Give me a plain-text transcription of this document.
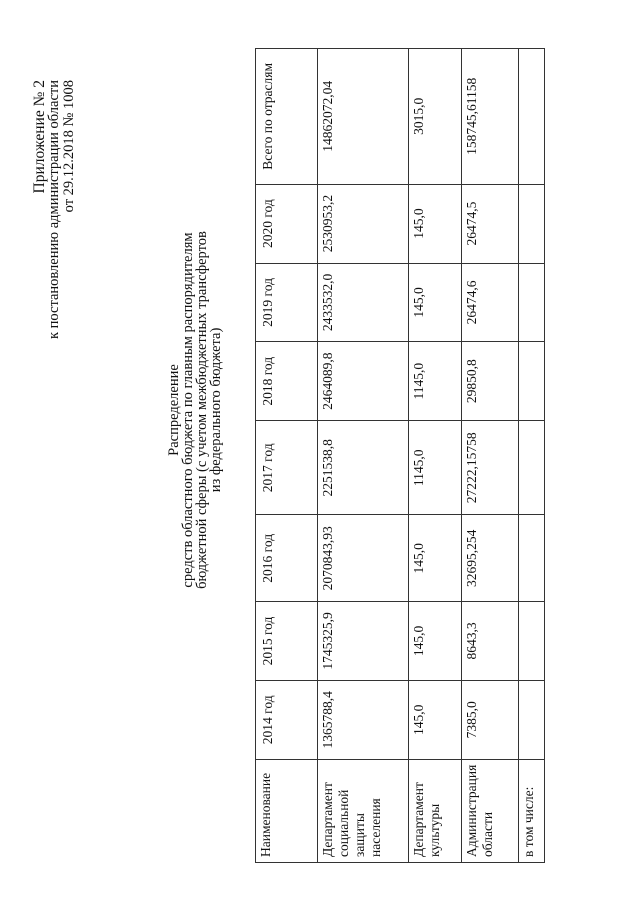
Приложение № 2
к постановлению администрации области от 29.12.2018 № 1008
Распределение
средств областного бюджета по главным распорядителям
бюджетной сферы (с учетом межбюджетных трансфертов
из федерального бюджета)
Наименование	2014 год	2015 год	2016 год	2017 год	2018 год	2019 год	2020 год	Всего по отраслям
Департамент социальной защиты населения	1365788,4	1745325,9	2070843,93	2251538,8	2464089,8	2433532,0	2530953,2	14862072,04
Департамент культуры	145,0	145,0	145,0	1145,0	1145,0	145,0	145,0	3015,0
Администрация области	7385,0	8643,3	32695,254	27222,15758	29850,8	26474,6	26474,5	158745,61158
в том числе:								
